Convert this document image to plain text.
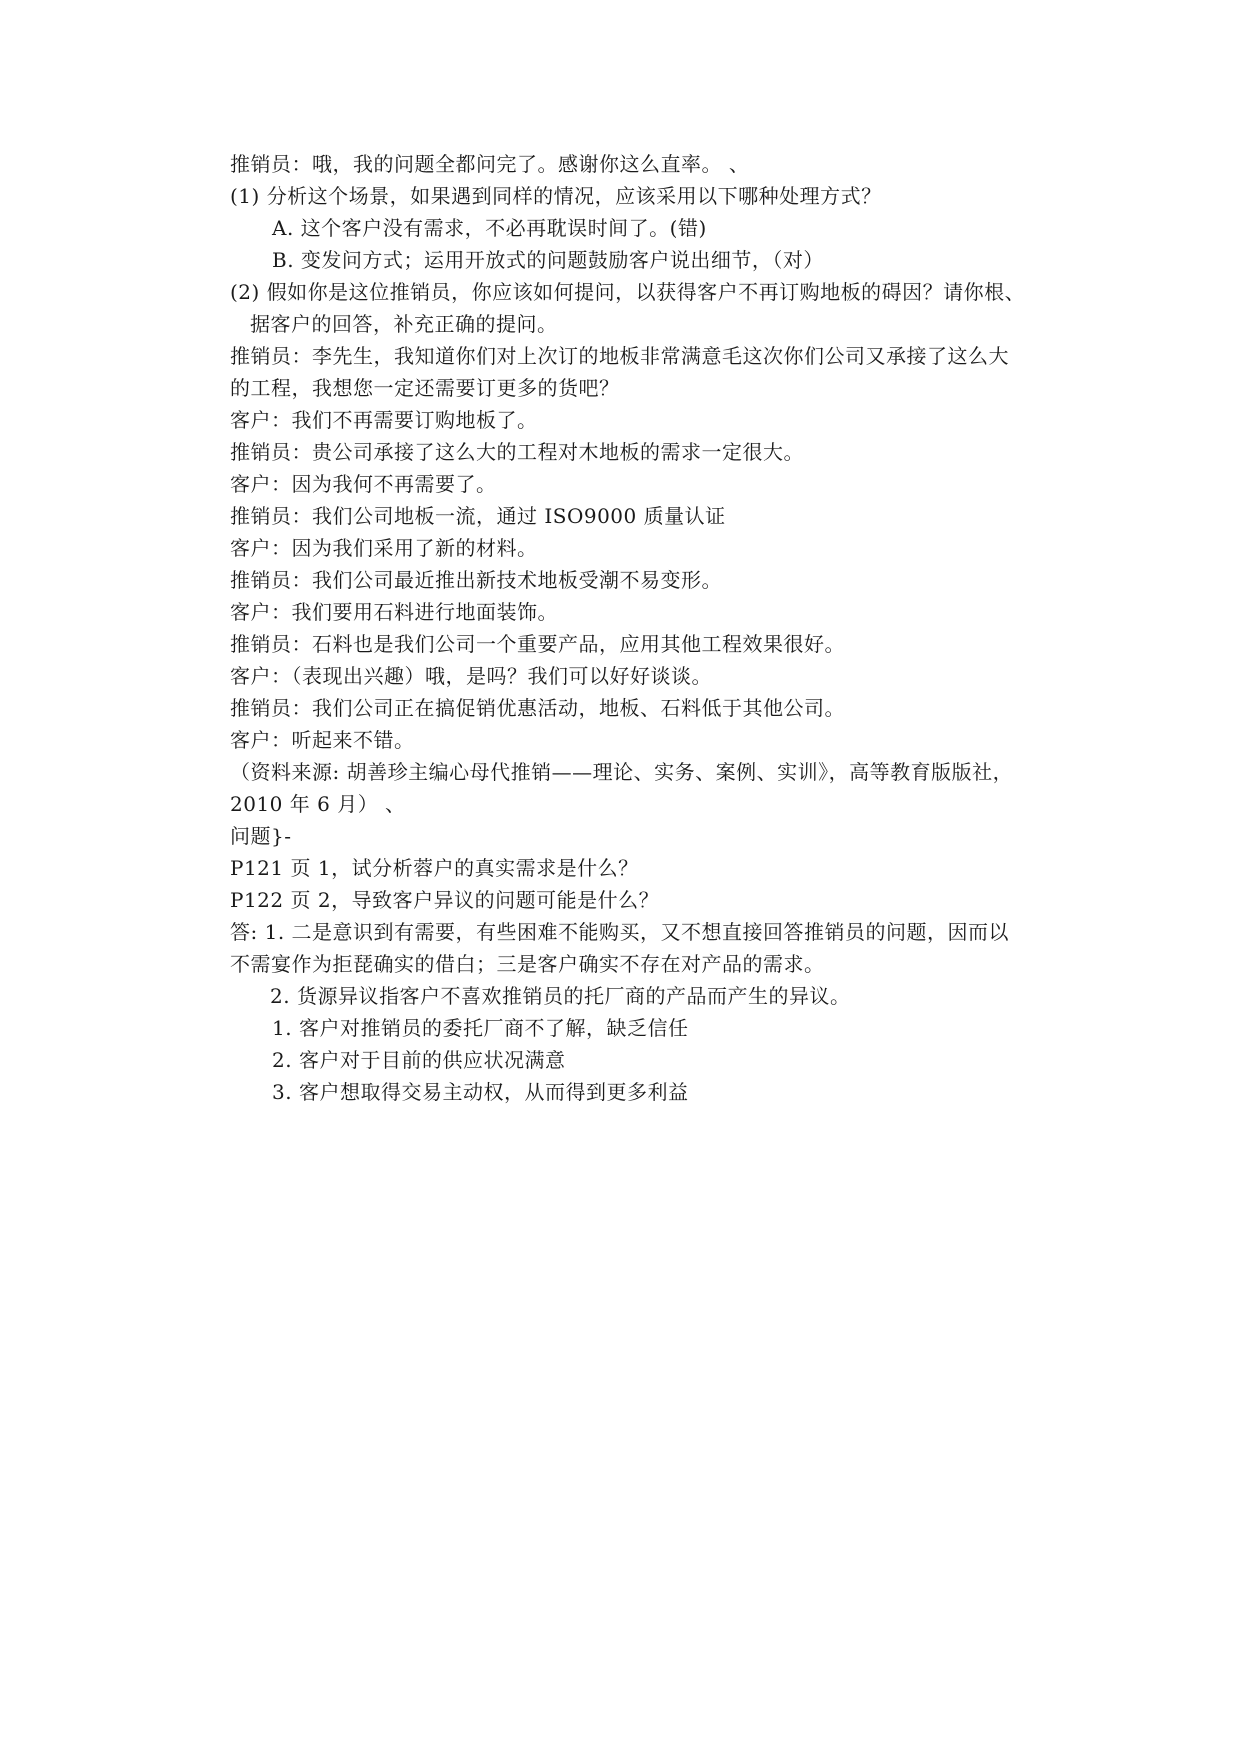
推销员：哦，我的问题全都问完了。感谢你这么直率。 、
(1) 分析这个场景，如果遇到同样的情况，应该采用以下哪种处理方式？
A. 这个客户没有需求，不必再耽误时间了。(错)
B. 变发问方式；运用开放式的问题鼓励客户说出细节，（对）
(2) 假如你是这位推销员，你应该如何提问，以获得客户不再订购地板的碍因？请你根、
据客户的回答，补充正确的提问。
推销员：李先生，我知道你们对上次订的地板非常满意毛这次你们公司又承接了这么大
的工程，我想您一定还需要订更多的货吧？
客户：我们不再需要订购地板了。
推销员：贵公司承接了这么大的工程对木地板的需求一定很大。
客户：因为我何不再需要了。
推销员：我们公司地板一流，通过 ISO9000 质量认证
客户：因为我们采用了新的材料。
推销员：我们公司最近推出新技术地板受潮不易变形。
客户：我们要用石料进行地面装饰。
推销员：石料也是我们公司一个重要产品，应用其他工程效果很好。
客户：（表现出兴趣）哦，是吗？我们可以好好谈谈。
推销员：我们公司正在搞促销优惠活动，地板、石料低于其他公司。
客户：听起来不错。
（资料来源: 胡善珍主编心母代推销——理论、实务、案例、实训》，高等教育版版社，
2010 年 6 月） 、
问题}-
P121 页 1，试分析蓉户的真实需求是什么？
P122 页 2，导致客户异议的问题可能是什么？
答: 1. 二是意识到有需要，有些困难不能购买，又不想直接回答推销员的问题，因而以
不需宴作为拒琵确实的借白；三是客户确实不存在对产品的需求。
2. 货源异议指客户不喜欢推销员的托厂商的产品而产生的异议。
1. 客户对推销员的委托厂商不了解，缺乏信任
2. 客户对于目前的供应状况满意
3. 客户想取得交易主动权，从而得到更多利益
